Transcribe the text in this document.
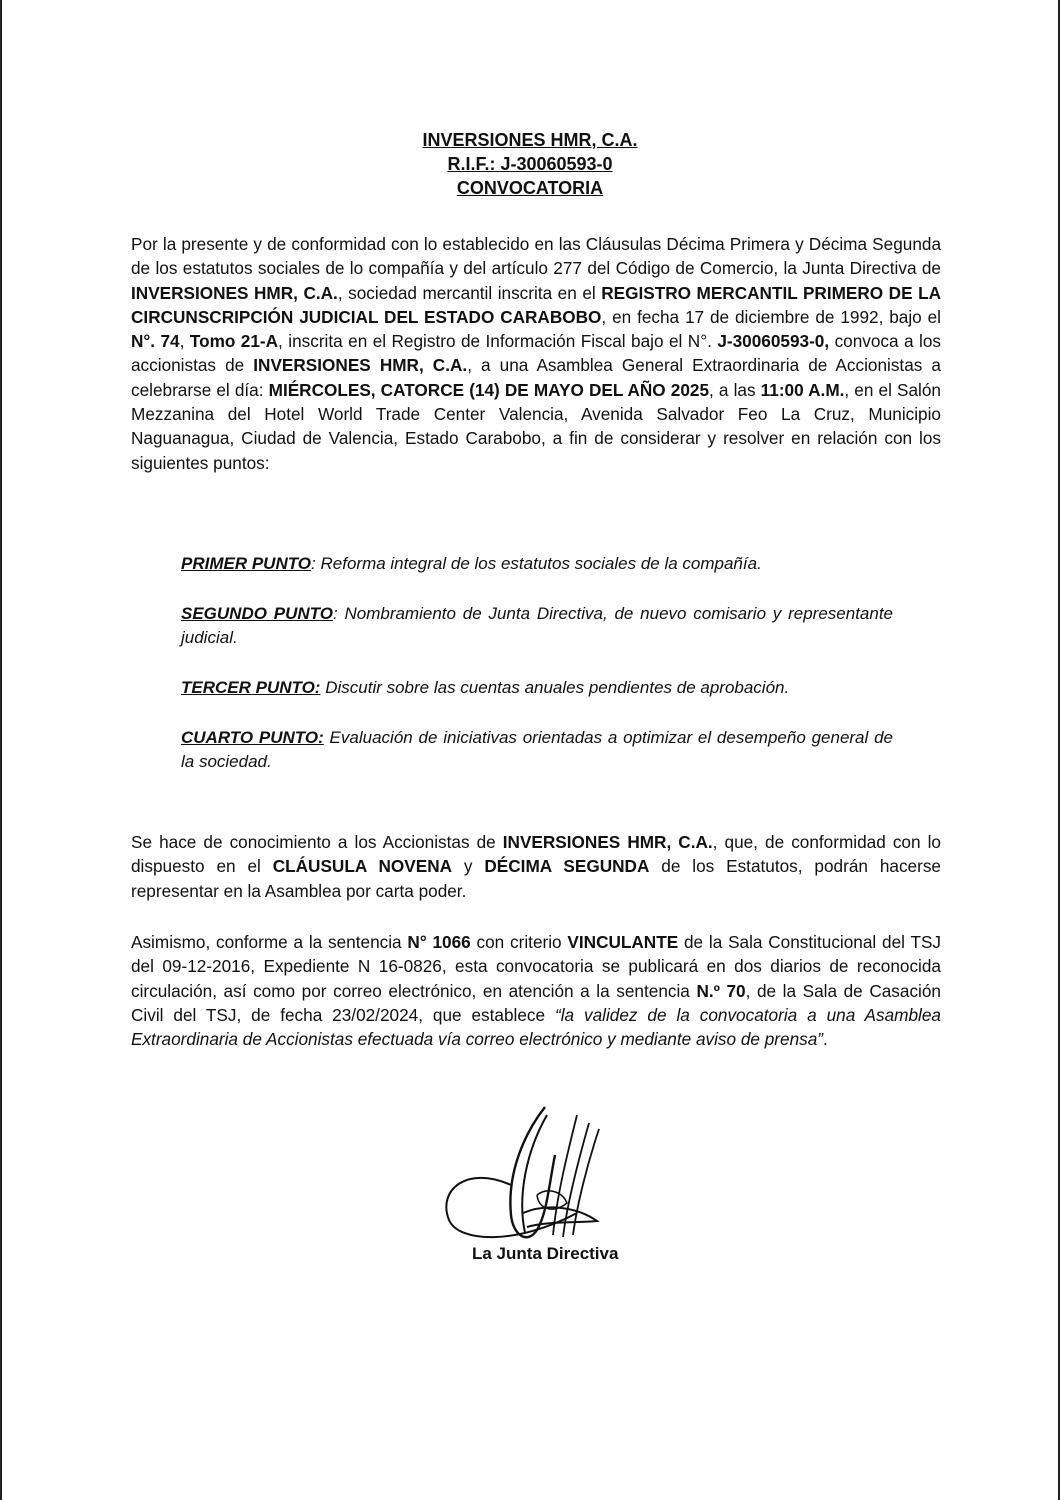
INVERSIONES HMR, C.A.
R.I.F.: J-30060593-0
CONVOCATORIA
Por la presente y de conformidad con lo establecido en las Cláusulas Décima Primera y Décima Segunda de los estatutos sociales de lo compañía y del artículo 277 del Código de Comercio, la Junta Directiva de INVERSIONES HMR, C.A., sociedad mercantil inscrita en el REGISTRO MERCANTIL PRIMERO DE LA CIRCUNSCRIPCIÓN JUDICIAL DEL ESTADO CARABOBO, en fecha 17 de diciembre de 1992, bajo el N°. 74, Tomo 21-A, inscrita en el Registro de Información Fiscal bajo el N°. J-30060593-0, convoca a los accionistas de INVERSIONES HMR, C.A., a una Asamblea General Extraordinaria de Accionistas a celebrarse el día: MIÉRCOLES, CATORCE (14) DE MAYO DEL AÑO 2025, a las 11:00 A.M., en el Salón Mezzanina del Hotel World Trade Center Valencia, Avenida Salvador Feo La Cruz, Municipio Naguanagua, Ciudad de Valencia, Estado Carabobo, a fin de considerar y resolver en relación con los siguientes puntos:
PRIMER PUNTO: Reforma integral de los estatutos sociales de la compañía.
SEGUNDO PUNTO: Nombramiento de Junta Directiva, de nuevo comisario y representante judicial.
TERCER PUNTO: Discutir sobre las cuentas anuales pendientes de aprobación.
CUARTO PUNTO: Evaluación de iniciativas orientadas a optimizar el desempeño general de la sociedad.
Se hace de conocimiento a los Accionistas de INVERSIONES HMR, C.A., que, de conformidad con lo dispuesto en el CLÁUSULA NOVENA y DÉCIMA SEGUNDA de los Estatutos, podrán hacerse representar en la Asamblea por carta poder.
Asimismo, conforme a la sentencia N° 1066 con criterio VINCULANTE de la Sala Constitucional del TSJ del 09-12-2016, Expediente N 16-0826, esta convocatoria se publicará en dos diarios de reconocida circulación, así como por correo electrónico, en atención a la sentencia N.º 70, de la Sala de Casación Civil del TSJ, de fecha 23/02/2024, que establece “la validez de la convocatoria a una Asamblea Extraordinaria de Accionistas efectuada vía correo electrónico y mediante aviso de prensa”.
La Junta Directiva
